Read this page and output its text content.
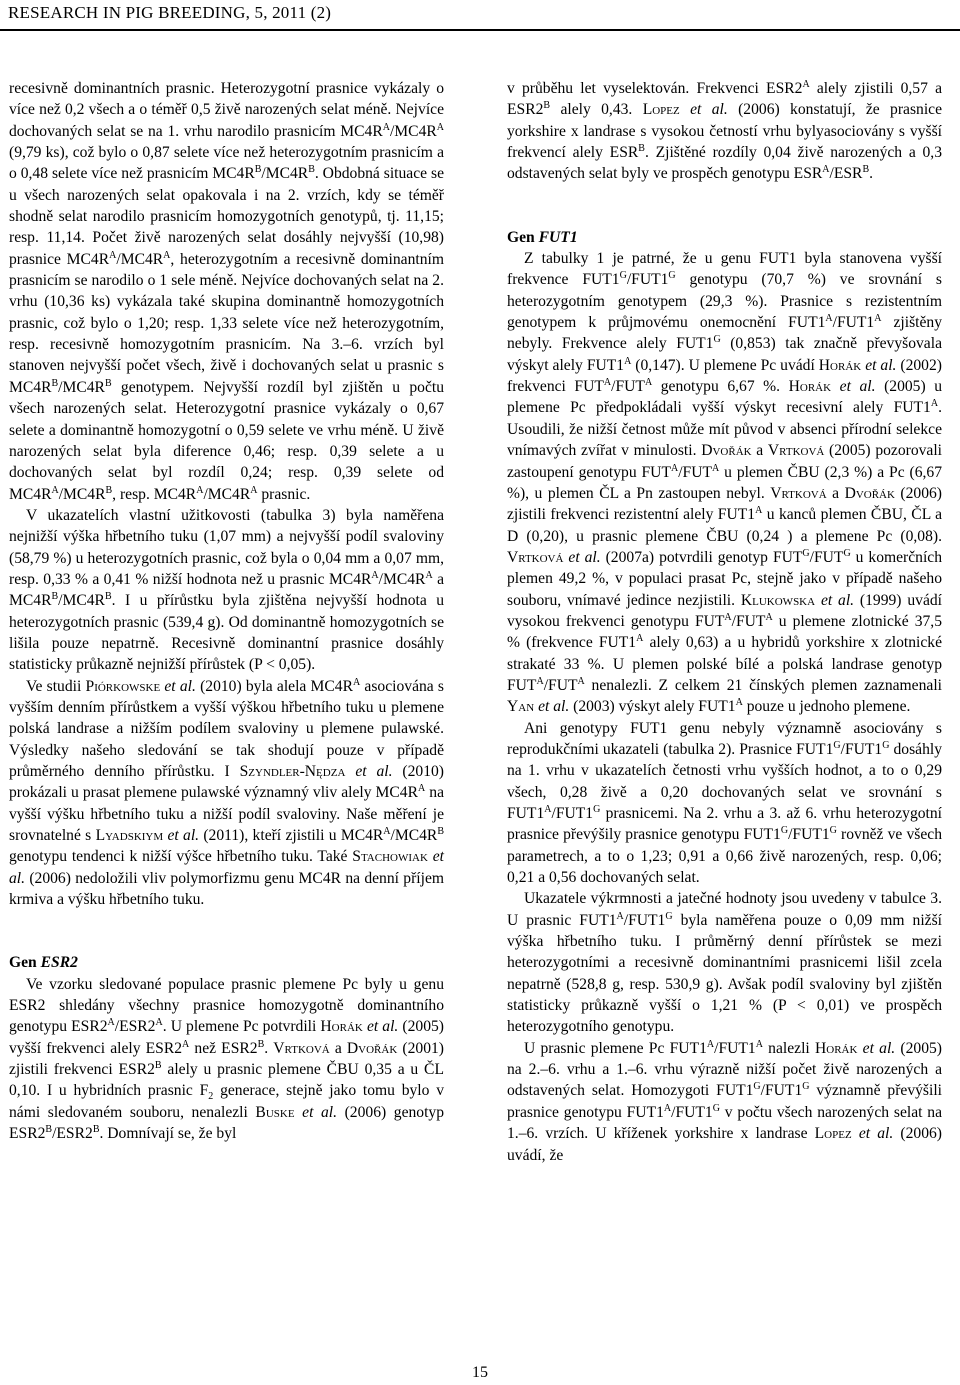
RESEARCH IN PIG BREEDING, 5, 2011 (2)

recesivně dominantních prasnic. Heterozygotní prasnice vykázaly o více než 0,2 všech a o téměř 0,5 živě narozených selat méně. Nejvíce dochovaných selat se na 1. vrhu narodilo prasnicím $MC4R^A/MC4R^A$ (9,79 ks), což bylo o 0,87 selete více než heterozygotním prasnicím a o 0,48 selete více než prasnicím $MC4R^B/MC4R^B$. Obdobná situace se u všech narozených selat opakovala i na 2. vrzích, kdy se téměř shodně selat narodilo prasnicím homozygotních genotypů, tj. 11,15; resp. 11,14. Počet živě narozených selat dosáhly nejvyšší (10,98) prasnice $MC4R^A/MC4R^A$, heterozygotním a recesivně dominantním prasnicím se narodilo o 1 sele méně. Nejvíce dochovaných selat na 2. vrhu (10,36 ks) vykázala také skupina dominantně homozygotních prasnic, což bylo o 1,20; resp. 1,33 selete více než heterozygotním, resp. recesivně homozygotním prasnicím. Na 3.–6. vrzích byl stanoven nejvyšší počet všech, živě i dochovaných selat u prasnic s $MC4R^B/MC4R^B$ genotypem. Nejvyšší rozdíl byl zjištěn u počtu všech narozených selat. Heterozygotní prasnice vykázaly o 0,67 selete a dominantně homozygotní o 0,59 selete ve vrhu méně. U živě narozených selat byla diference 0,46; resp. 0,39 selete a u dochovaných selat byl rozdíl 0,24; resp. 0,39 selete od $MC4R^A/MC4R^B$, resp. $MC4R^A/MC4R^A$ prasnic.

V ukazatelích vlastní užitkovosti (tabulka 3) byla naměřena nejnižší výška hřbetního tuku (1,07 mm) a nejvyšší podíl svaloviny (58,79 %) u heterozygotních prasnic, což byla o 0,04 mm a 0,07 mm, resp. 0,33 % a 0,41 % nižší hodnota než u prasnic $MC4R^A/MC4R^A$ a $MC4R^B/MC4R^B$. I u přírůstku byla zjištěna nejvyšší hodnota u heterozygotních prasnic (539,4 g). Od dominantně homozygotních se lišila pouze nepatrně. Recesivně dominantní prasnice dosáhly statisticky průkazně nejnižší přírůstek (P < 0,05).

Ve studii Piórkowske et al. (2010) byla alela $MC4R^A$ asociována s vyšším denním přírůstkem a vyšší výškou hřbetního tuku u plemene polská landrase a nižším podílem svaloviny u plemene pulawské. Výsledky našeho sledování se tak shodují pouze v případě průměrného denního přírůstku. I Szyndler-Nędza et al. (2010) prokázali u prasat plemene pulawské významný vliv alely $MC4R^A$ na vyšší výšku hřbetního tuku a nižší podíl svaloviny. Naše měření je srovnatelné s Lyadskiym et al. (2011), kteří zjistili u $MC4R^A/MC4R^B$ genotypu tendenci k nižší výšce hřbetního tuku. Také Stachowiak et al. (2006) nedoložili vliv polymorfizmu genu MC4R na denní příjem krmiva a výšku hřbetního tuku.

Gen ESR2

Ve vzorku sledované populace prasnic plemene Pc byly u genu ESR2 shledány všechny prasnice homozygotně dominantního genotypu $ESR2^A/ESR2^A$. U plemene Pc potvrdili Horák et al. (2005) vyšší frekvenci alely $ESR2^A$ než $ESR2^B$. Vrtková a Dvořák (2001) zjistili frekvenci $ESR2^B$ alely u prasnic plemene ČBU 0,35 a u ČL 0,10. I u hybridních prasnic $F_2$ generace, stejně jako tomu bylo v námi sledovaném souboru, nenalezli Buske et al. (2006) genotyp $ESR2^B/ESR2^B$. Domnívají se, že byl

v průběhu let vyselektován. Frekvenci $ESR2^A$ alely zjistili 0,57 a $ESR2^B$ alely 0,43. Lopez et al. (2006) konstatují, že prasnice yorkshire x landrase s vysokou četností vrhu bylyasociovány s vyšší frekvencí alely $ESR^B$. Zjištěné rozdíly 0,04 živě narozených a 0,3 odstavených selat byly ve prospěch genotypu $ESR^A/ESR^B$.

Gen FUT1

Z tabulky 1 je patrné, že u genu FUT1 byla stanovena vyšší frekvence $FUT1^G/FUT1^G$ genotypu (70,7 %) ve srovnání s heterozygotním genotypem (29,3 %). Prasnice s rezistentním genotypem k průjmovému onemocnění $FUT1^A/FUT1^A$ zjištěny nebyly. Frekvence alely $FUT1^G$ (0,853) tak značně převyšovala výskyt alely $FUT1^A$ (0,147). U plemene Pc uvádí Horák et al. (2002) frekvenci $FUT^A/FUT^A$ genotypu 6,67 %. Horák et al. (2005) u plemene Pc předpokládali vyšší výskyt recesivní alely $FUT1^A$. Usoudili, že nižší četnost může mít původ v absenci přírodní selekce vnímavých zvířat v minulosti. Dvořák a Vrtková (2005) pozorovali zastoupení genotypu $FUT^A/FUT^A$ u plemen ČBU (2,3 %) a Pc (6,67 %), u plemen ČL a Pn zastoupen nebyl. Vrtková a Dvořák (2006) zjistili frekvenci rezistentní alely $FUT1^A$ u kanců plemen ČBU, ČL a D (0,20), u prasnic plemene ČBU (0,24 ) a plemene Pc (0,08). Vrtková et al. (2007a) potvrdili genotyp $FUT^G/FUT^G$ u komerčních plemen 49,2 %, v populaci prasat Pc, stejně jako v případě našeho souboru, vnímavé jedince nezjistili. Klukowska et al. (1999) uvádí vysokou frekvenci genotypu $FUT^A/FUT^A$ u plemene zlotnické 37,5 % (frekvence $FUT1^A$ alely 0,63) a u hybridů yorkshire x zlotnické strakaté 33 %. U plemen polské bílé a polská landrase genotyp $FUT^A/FUT^A$ nenalezli. Z celkem 21 čínských plemen zaznamenali Yan et al. (2003) výskyt alely $FUT1^A$ pouze u jednoho plemene.

Ani genotypy FUT1 genu nebyly významně asociovány s reprodukčními ukazateli (tabulka 2). Prasnice $FUT1^G/FUT1^G$ dosáhly na 1. vrhu v ukazatelích četnosti vrhu vyšších hodnot, a to o 0,29 všech, 0,28 živě a 0,20 dochovaných selat ve srovnání s $FUT1^A/FUT1^G$ prasnicemi. Na 2. vrhu a 3. až 6. vrhu heterozygotní prasnice převýšily prasnice genotypu $FUT1^G/FUT1^G$ rovněž ve všech parametrech, a to o 1,23; 0,91 a 0,66 živě narozených, resp. 0,06; 0,21 a 0,56 dochovaných selat.

Ukazatele výkrmnosti a jatečné hodnoty jsou uvedeny v tabulce 3. U prasnic $FUT1^A/FUT1^G$ byla naměřena pouze o 0,09 mm nižší výška hřbetního tuku. I průměrný denní přírůstek se mezi heterozygotními a recesivně dominantními prasnicemi lišil zcela nepatrně (528,8 g, resp. 530,9 g). Avšak podíl svaloviny byl zjištěn statisticky průkazně vyšší o 1,21 % (P < 0,01) ve prospěch heterozygotního genotypu.

U prasnic plemene Pc $FUT1^A/FUT1^A$ nalezli Horák et al. (2005) na 2.–6. vrhu a 1.–6. vrhu výrazně nižší počet živě narozených a odstavených selat. Homozygoti $FUT1^G/FUT1^G$ významně převýšili prasnice genotypu $FUT1^A/FUT1^G$ v počtu všech narozených selat na 1.–6. vrzích. U kříženek yorkshire x landrase Lopez et al. (2006) uvádí, že

15
